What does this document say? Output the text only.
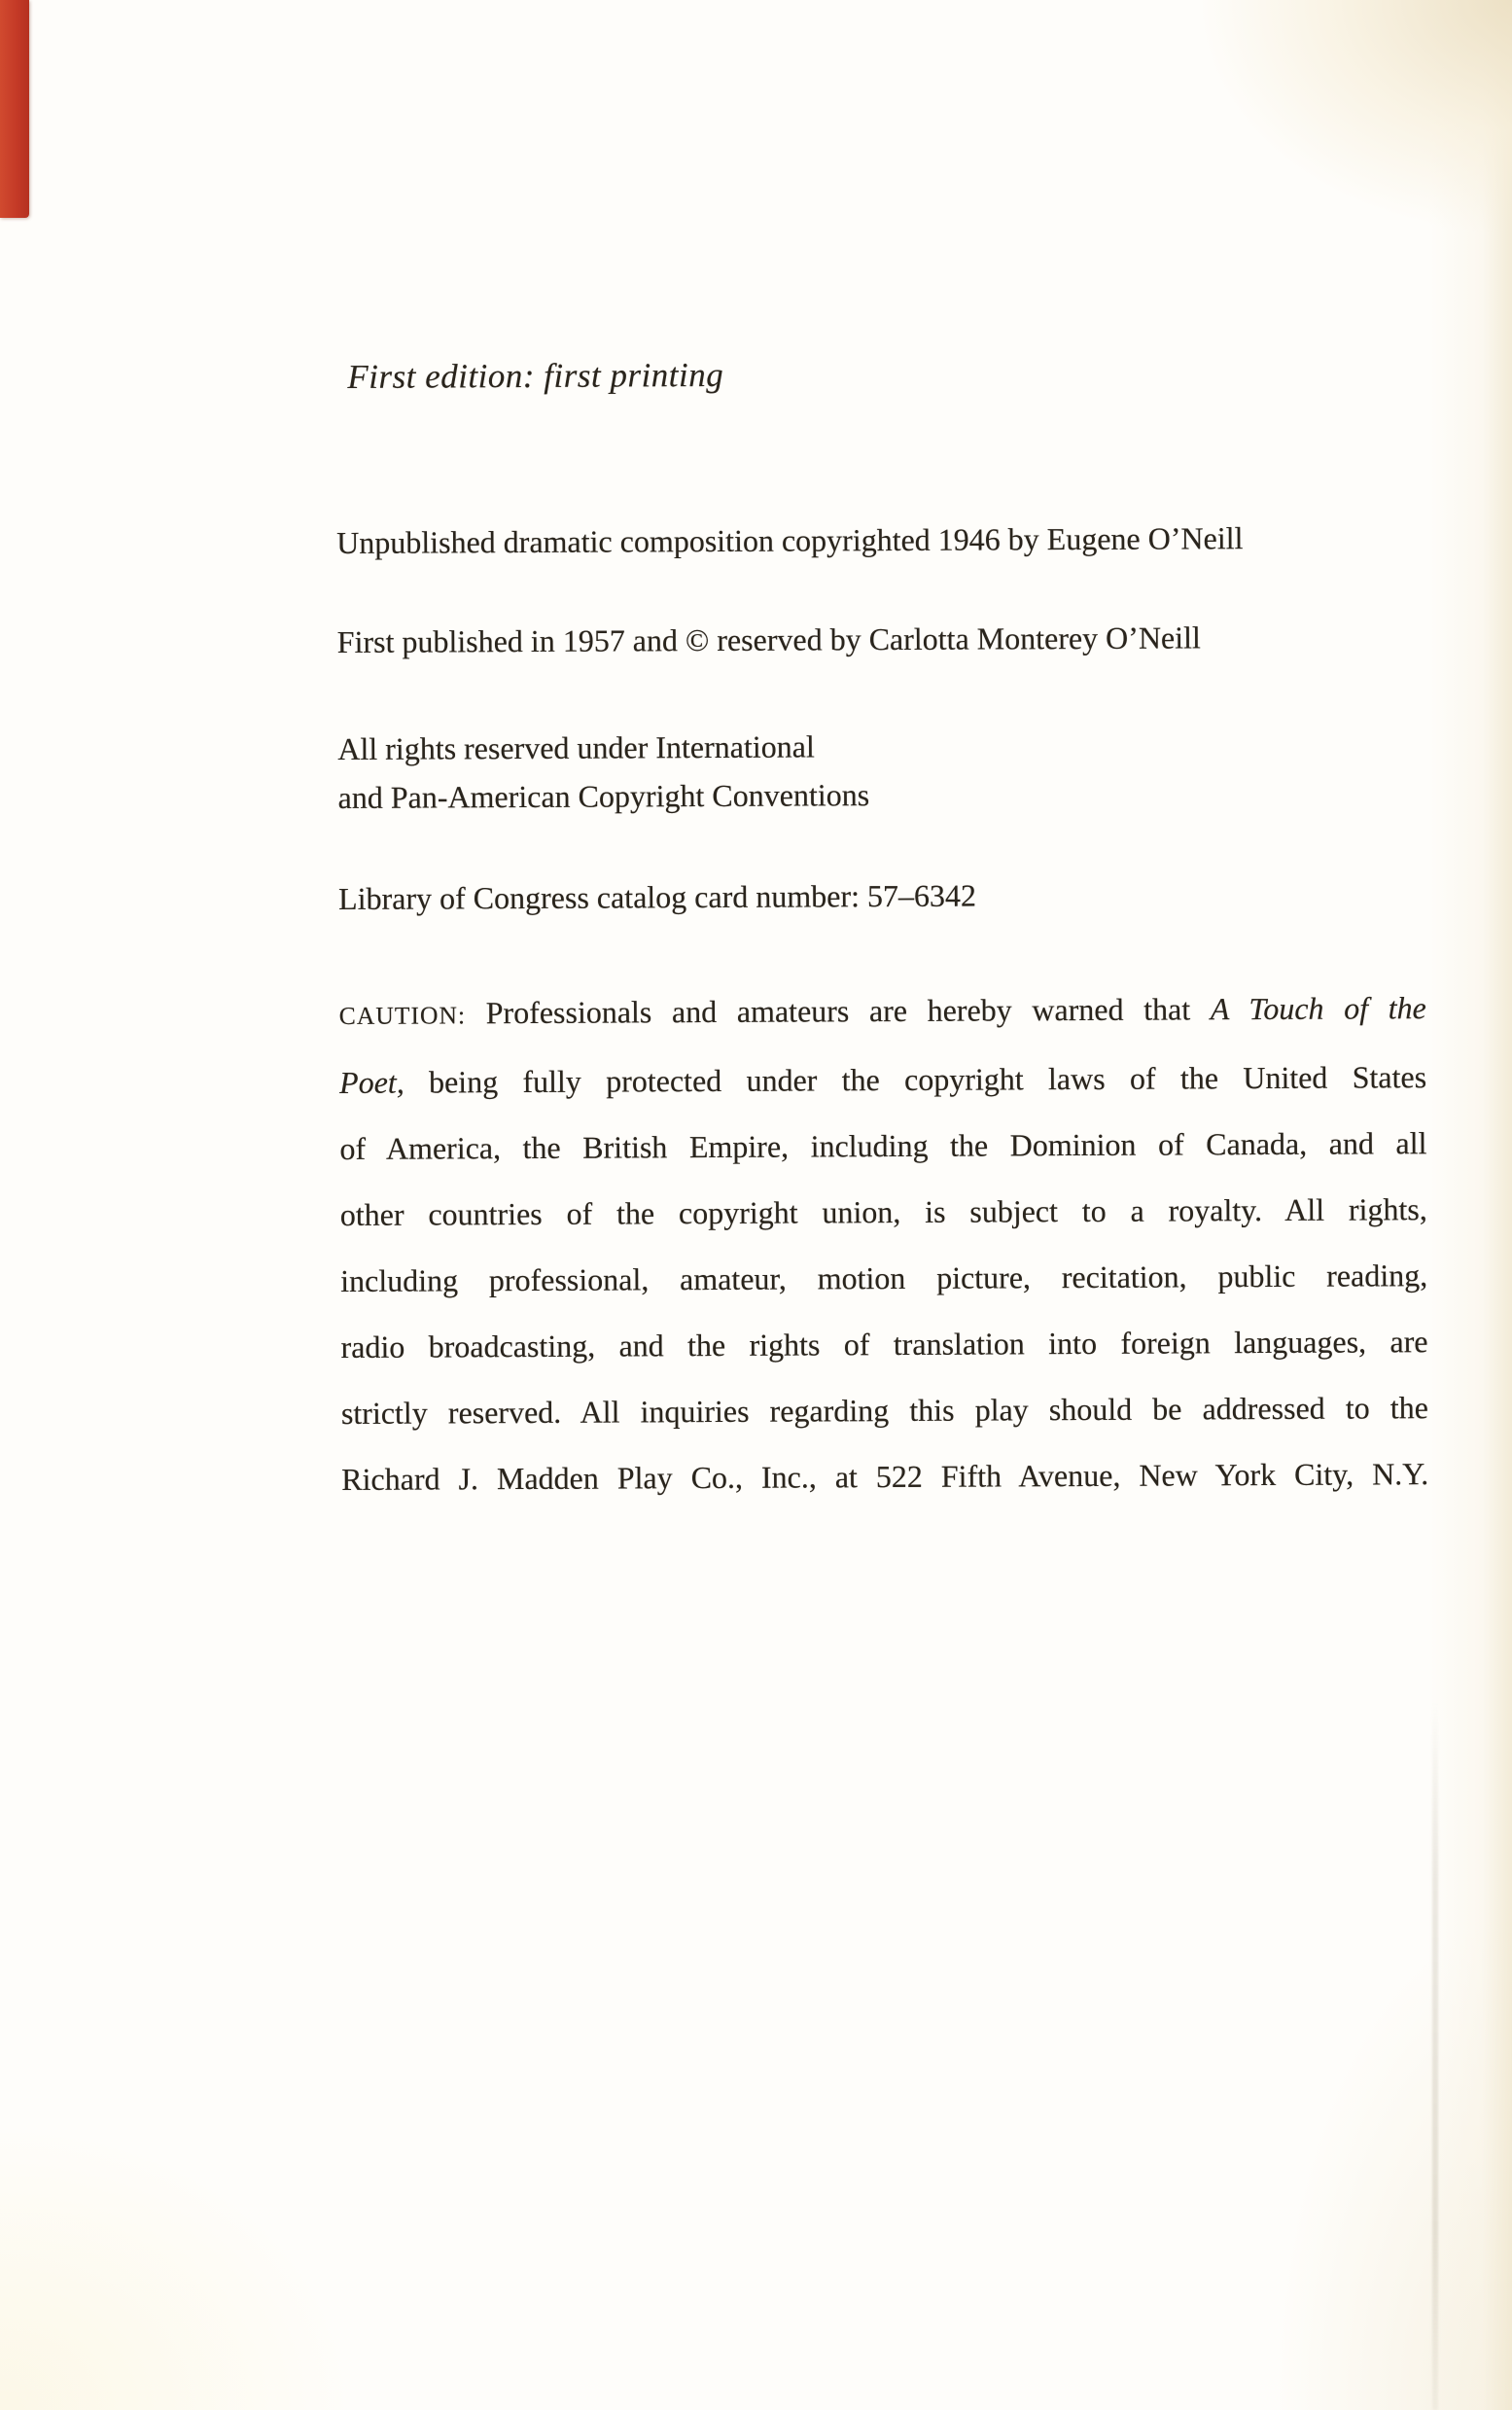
First edition: first printing
Unpublished dramatic composition copyrighted 1946 by Eugene O’Neill
First published in 1957 and © reserved by Carlotta Monterey O’Neill
All rights reserved under International
and Pan-American Copyright Conventions
Library of Congress catalog card number: 57–6342
CAUTION: Professionals and amateurs are hereby warned that A Touch of the
Poet, being fully protected under the copyright laws of the United States
of America, the British Empire, including the Dominion of Canada, and all
other countries of the copyright union, is subject to a royalty. All rights,
including professional, amateur, motion picture, recitation, public reading,
radio broadcasting, and the rights of translation into foreign languages, are
strictly reserved. All inquiries regarding this play should be addressed to the
Richard J. Madden Play Co., Inc., at 522 Fifth Avenue, New York City, N.Y.
